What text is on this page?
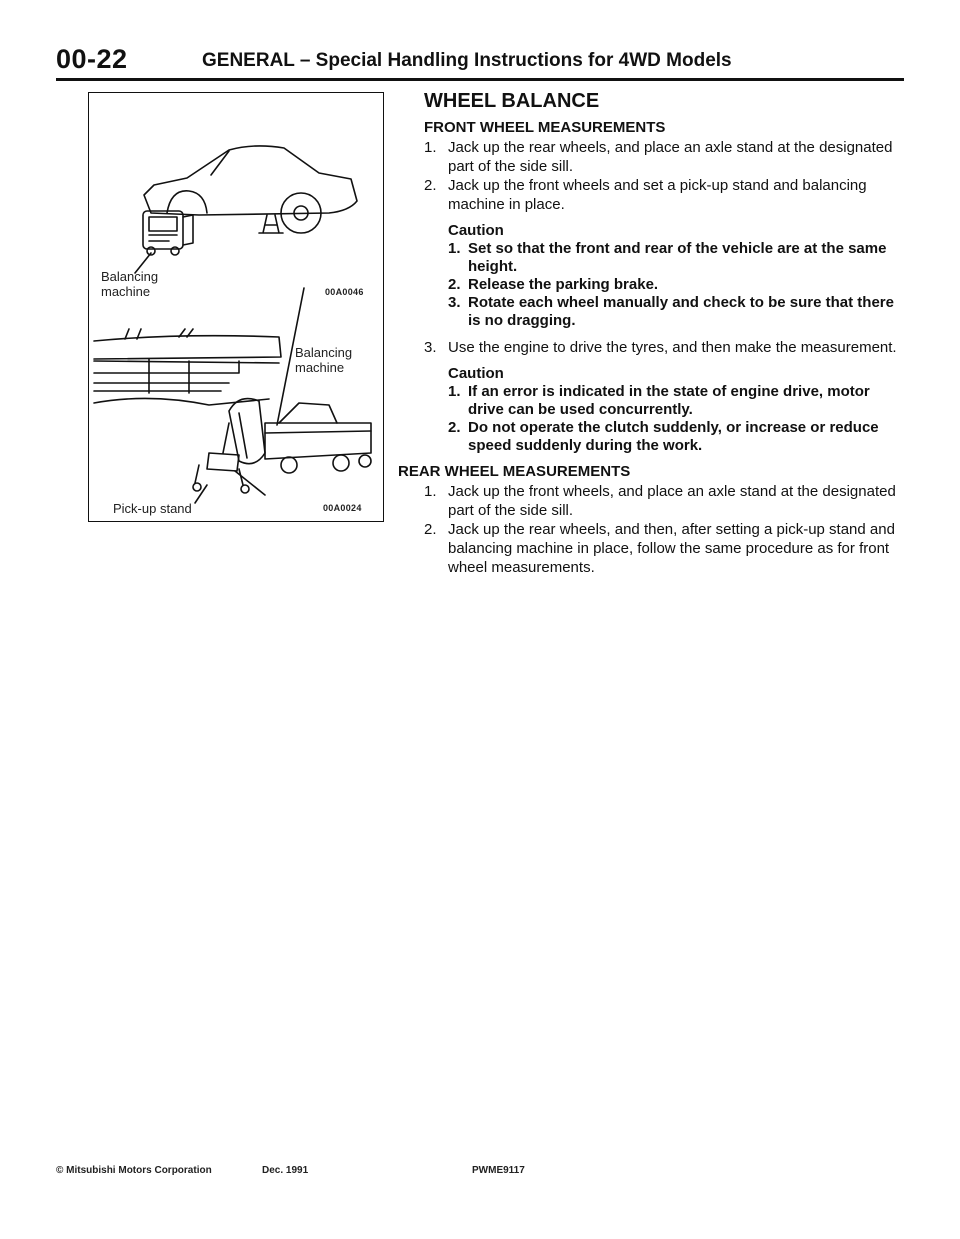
00-22	GENERAL – Special Handling Instructions for 4WD Models
Balancing
machine	00A0046
Balancing
machine
Pick-up stand	00A0024
WHEEL BALANCE
FRONT WHEEL MEASUREMENTS
1. Jack up the rear wheels, and place an axle stand at the designated part of the side sill.
2. Jack up the front wheels and set a pick-up stand and balancing machine in place.
Caution
1. Set so that the front and rear of the vehicle are at the same height.
2. Release the parking brake.
3. Rotate each wheel manually and check to be sure that there is no dragging.
3. Use the engine to drive the tyres, and then make the measurement.
Caution
1. If an error is indicated in the state of engine drive, motor drive can be used concurrently.
2. Do not operate the clutch suddenly, or increase or reduce speed suddenly during the work.
REAR WHEEL MEASUREMENTS
1. Jack up the front wheels, and place an axle stand at the designated part of the side sill.
2. Jack up the rear wheels, and then, after setting a pick-up stand and balancing machine in place, follow the same procedure as for front wheel measurements.
© Mitsubishi Motors Corporation	Dec. 1991	PWME9117
